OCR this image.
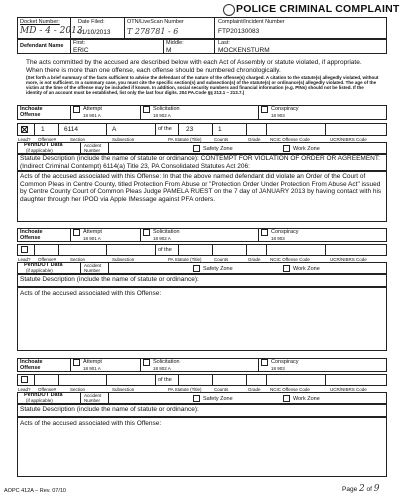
POLICE CRIMINAL COMPLAINT
Docket Number:
MD - 4 - 2013
Date Filed:
01/10/2013
OTN/LiveScan Number
T 278781 - 6
Complaint/Incident Number
FTP20130083
Defendant Name First:
ERIC
Middle:
M
Last:
MOCKENSTURM
The acts committed by the accused are described below with each Act of Assembly or statute violated, if appropriate. When there is more than one offense, each offense should be numbered chronologically.
(Set forth a brief summary of the facts sufficient to advise the defendant of the nature of the offense(s) charged. A citation to the statute(s) allegedly violated, without more, is not sufficient. In a summary case, you must cite the specific section(s) and subsection(s) of the statute(s) or ordinance(s) allegedly violated. The age of the victim at the time of the offense may be included if known. In addition, social security numbers and financial information (e.g. PINs) should not be listed. If the identity of an account must be established, list only the last four digits. 204 PA.Code §§ 213.1 – 213.7.)
Inchoate
Offense
Attempt
18 901 A
Solicitation
18 902 A
Conspiracy
18 903
1	6114	A	of the 23	1
Lead? Offense#	Section	Subsection	PA Statute (Title)	Counts	Grade NCIC Offense Code	UCR/NIBRS Code
PennDOT Data
(if applicable)
Accident
Number	Safety Zone	Work Zone
Statute Description (include the name of statute or ordinance): CONTEMPT FOR VIOLATION OF ORDER OR AGREEMENT: (Indirect Criminal Contempt) 6114(a) Title 23, PA Consolidated Statutes Act 206:
Acts of the accused associated with this Offense: In that the above named defendant did violate an Order of the Court of Common Pleas in Centre County, titled Protection From Abuse or "Protection Order Under Protection From Abuse Act" issued by Centre County Court of Common Pleas Judge PAMELA RUEST on the 7 day of JANUARY 2013 by having contact with his daughter through her IPOD via Apple IMessage against PFA orders.
Inchoate
Offense
Attempt
18 901 A
Solicitation
18 902 A
Conspiracy
18 903
of the
Lead? Offense#	Section	Subsection	PA Statute (Title)	Counts	Grade NCIC Offense Code	UCR/NIBRS Code
PennDOT Data
(if applicable)
Accident
Number	Safety Zone	Work Zone
Statute Description (include the name of statute or ordinance):
Acts of the accused associated with this Offense:
Inchoate
Offense
Attempt
18 901 A
Solicitation
18 902 A
Conspiracy
18 903
of the
Lead? Offense#	Section	Subsection	PA Statute (Title)	Counts	Grade NCIC Offense Code	UCR/NIBRS Code
PennDOT Data
(if applicable)
Accident
Number	Safety Zone	Work Zone
Statute Description (include the name of statute or ordinance):
Acts of the accused associated with this Offense:
AOPC 412A – Rev. 07/10	Page 2 of 9
